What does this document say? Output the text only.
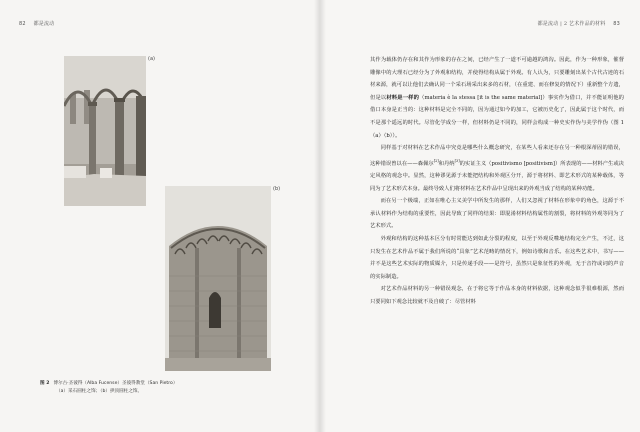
82 都是流动
(a)
(b)
图 2 博尔古·圣彼得（Alba Fucense）圣彼得教堂（San Pietro）
（a）采石圆柱之饰；（b）拱顶圆柱之饰。
都是流动 | 2 艺术作品的材料 83

其作为载体仍存在和其作为形象的存在之间，已经产生了一道不可逾越的鸿沟。因此，作为一种形象，催督雕像中的大理石已经分为了外观和结构，并使得结构从属于外观。有人认为，只要雕刻出某个古代古迹的石材来源，就可以让他们去确认同一个采石场采出来多的石材，（在重建、而在修复的情况下）重新整个方遗，但是以材料是一样的（materia è la stessa [it is the same material]）事实作为借口，并不能证明他的借口本身是正当的：这种材料是完全不同的，因为通过如今的加工，它被历史化了，因此属于这个时代，而不是那个遥远的时代。尽管化学成分一样，但材料仍是不同的，同样会构成一种史实作伪与美学作伪（图 1（a）（b））。

同样基于对材料在艺术作品中究竟是哪些什么概念研究，在某些人看来还存在另一种根深蒂固的错误，这种错误曾以在——森佩尔[2]和丹纳[3]的实证主义（positivismo [positivism]）所表现的——材料产生或决定风格的观念中。显然，这种谬见源于未能把结构和外观区分开，源于将材料、即艺术形式的某种载体，等同为了艺术形式本身。最终导致人们将材料在艺术作品中呈现出来的外观当成了结构的某种功能。

而在另一个极端，正如在唯心主义美学中所发生的那样，人们又忽视了材料在形象中的角色，这源于不承认材料作为结构的重要性，因此导致了同样的结果：即混淆材料结构属性的割裂，将材料的外观等同为了艺术形式。

外观和结构的这种基本区分有时常能达到如此分裂的程度，以至于外观反噬地结构完全产生，不过，这只发生在艺术作品不属于我们所说的“具象”艺术范畴的情况下，例如诗歌和音乐。在这些艺术中，书写——并不是这些艺术实际的物质媒介，只是传递手段——是符号，虽然只是象征性的外观，无于音符或词的声音的实际制造。

对艺术作品材料的另一种错误观念，在于将它等于作品本身的材料依据，这种观念似乎很难根源，然而只要同如下观念比较就不及自破了：尽管材料
